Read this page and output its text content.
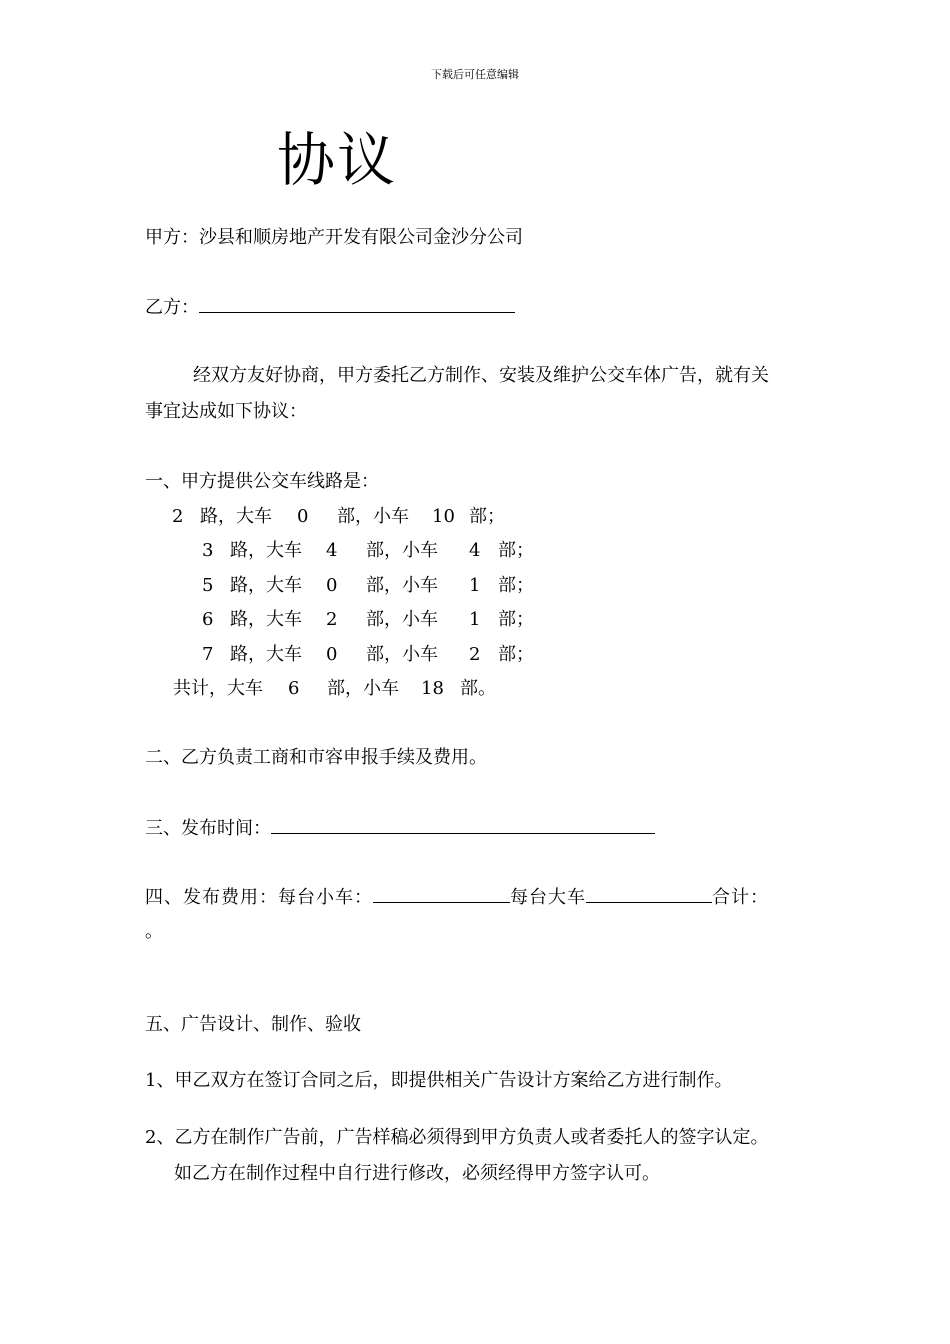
下载后可任意编辑
协议
甲方：沙县和顺房地产开发有限公司金沙分公司
乙方：
经双方友好协商，甲方委托乙方制作、安装及维护公交车体广告，就有关
事宜达成如下协议：
一、甲方提供公交车线路是：
2 路，大车 0 部，小车 10 部；
3 路，大车 4 部，小车 4 部；
5 路，大车 0 部，小车 1 部；
6 路，大车 2 部，小车 1 部；
7 路，大车 0 部，小车 2 部；
共计，大车 6 部，小车 18 部。
二、乙方负责工商和市容申报手续及费用。
三、发布时间：
四、发布费用：每台小车：	每台大车	合计：
。
五、广告设计、制作、验收
1、甲乙双方在签订合同之后，即提供相关广告设计方案给乙方进行制作。
2、乙方在制作广告前，广告样稿必须得到甲方负责人或者委托人的签字认定。
如乙方在制作过程中自行进行修改，必须经得甲方签字认可。
